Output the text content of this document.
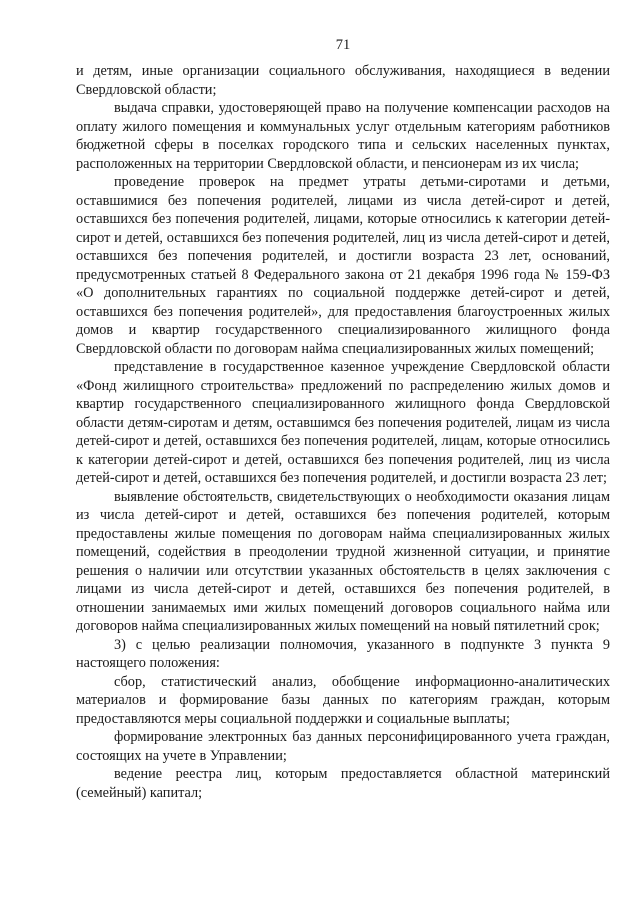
71

и детям, иные организации социального обслуживания, находящиеся в ведении Свердловской области;

выдача справки, удостоверяющей право на получение компенсации расходов на оплату жилого помещения и коммунальных услуг отдельным категориям работников бюджетной сферы в поселках городского типа и сельских населенных пунктах, расположенных на территории Свердловской области, и пенсионерам из их числа;

проведение проверок на предмет утраты детьми-сиротами и детьми, оставшимися без попечения родителей, лицами из числа детей-сирот и детей, оставшихся без попечения родителей, лицами, которые относились к категории детей-сирот и детей, оставшихся без попечения родителей, лиц из числа детей-сирот и детей, оставшихся без попечения родителей, и достигли возраста 23 лет, оснований, предусмотренных статьей 8 Федерального закона от 21 декабря 1996 года № 159-ФЗ «О дополнительных гарантиях по социальной поддержке детей-сирот и детей, оставшихся без попечения родителей», для предоставления благоустроенных жилых домов и квартир государственного специализированного жилищного фонда Свердловской области по договорам найма специализированных жилых помещений;

представление в государственное казенное учреждение Свердловской области «Фонд жилищного строительства» предложений по распределению жилых домов и квартир государственного специализированного жилищного фонда Свердловской области детям-сиротам и детям, оставшимся без попечения родителей, лицам из числа детей-сирот и детей, оставшихся без попечения родителей, лицам, которые относились к категории детей-сирот и детей, оставшихся без попечения родителей, лиц из числа детей-сирот и детей, оставшихся без попечения родителей, и достигли возраста 23 лет;

выявление обстоятельств, свидетельствующих о необходимости оказания лицам из числа детей-сирот и детей, оставшихся без попечения родителей, которым предоставлены жилые помещения по договорам найма специализированных жилых помещений, содействия в преодолении трудной жизненной ситуации, и принятие решения о наличии или отсутствии указанных обстоятельств в целях заключения с лицами из числа детей-сирот и детей, оставшихся без попечения родителей, в отношении занимаемых ими жилых помещений договоров социального найма или договоров найма специализированных жилых помещений на новый пятилетний срок;

3) с целью реализации полномочия, указанного в подпункте 3 пункта 9 настоящего положения:

сбор, статистический анализ, обобщение информационно-аналитических материалов и формирование базы данных по категориям граждан, которым предоставляются меры социальной поддержки и социальные выплаты;

формирование электронных баз данных персонифицированного учета граждан, состоящих на учете в Управлении;

ведение реестра лиц, которым предоставляется областной материнский (семейный) капитал;
